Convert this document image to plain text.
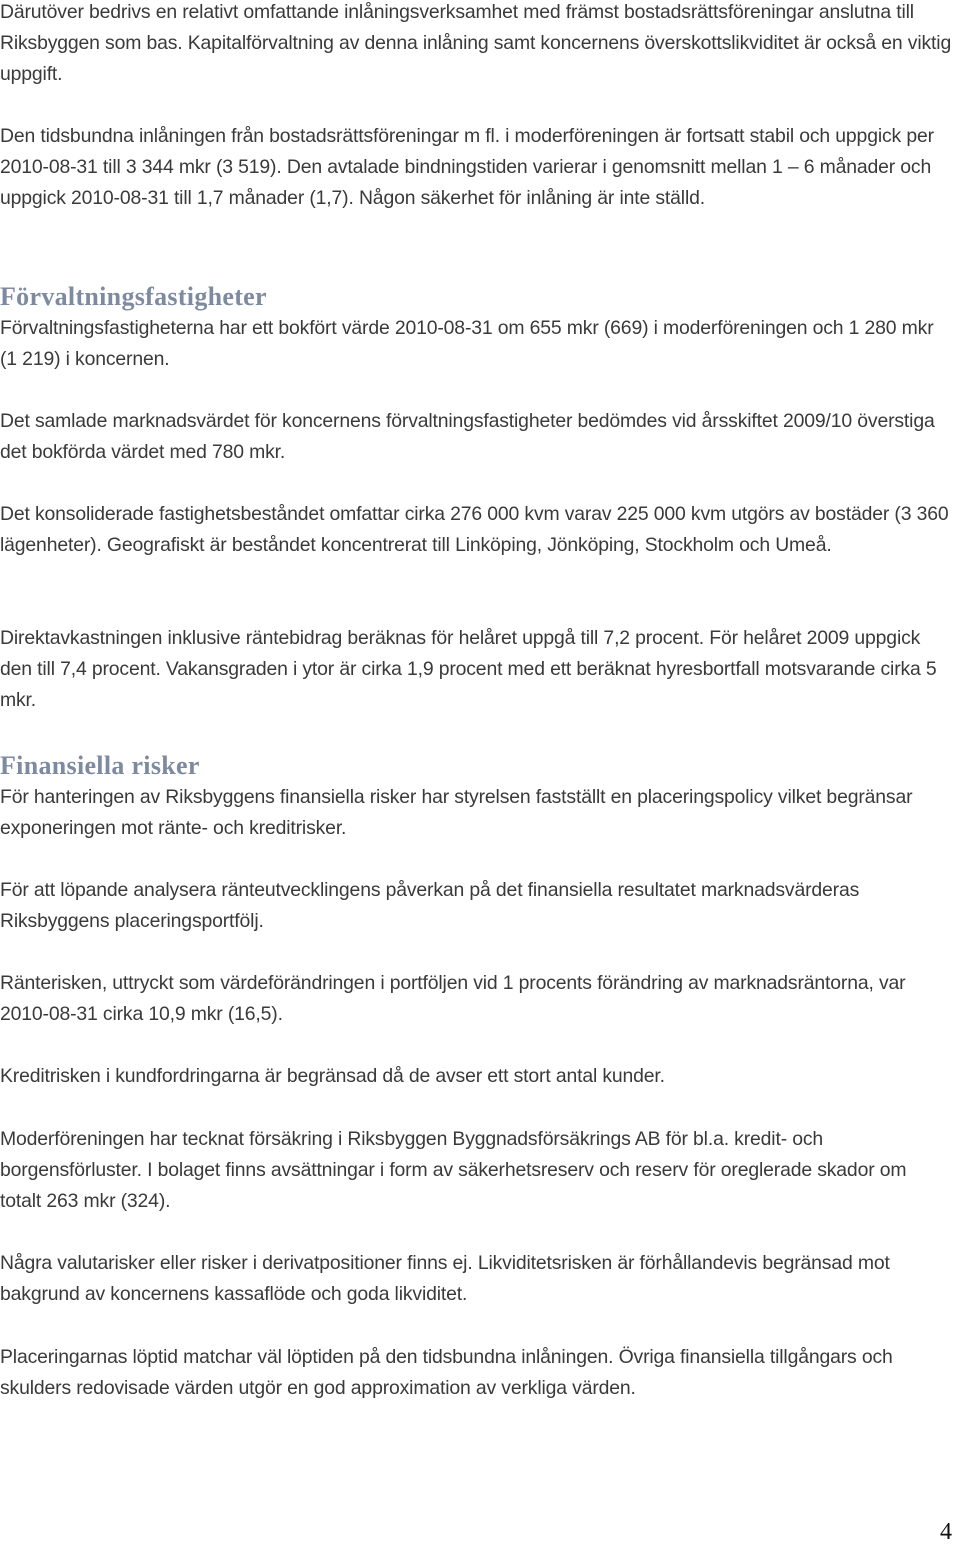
Därutöver bedrivs en relativt omfattande inlåningsverksamhet med främst bostadsrättsföreningar anslutna till Riksbyggen som bas. Kapitalförvaltning av denna inlåning samt koncernens överskottslikviditet är också en viktig uppgift.

Den tidsbundna inlåningen från bostadsrättsföreningar m fl. i moderföreningen är fortsatt stabil och uppgick per 2010-08-31 till 3 344 mkr (3 519). Den avtalade bindningstiden varierar i genomsnitt mellan 1 – 6 månader och uppgick 2010-08-31 till 1,7 månader (1,7). Någon säkerhet för inlåning är inte ställd.

Förvaltningsfastigheter

Förvaltningsfastigheterna har ett bokfört värde 2010-08-31 om 655 mkr (669) i moderföreningen och 1 280 mkr (1 219) i koncernen.

Det samlade marknadsvärdet för koncernens förvaltningsfastigheter bedömdes vid årsskiftet 2009/10 överstiga det bokförda värdet med 780 mkr.

Det konsoliderade fastighetsbeståndet omfattar cirka 276 000 kvm varav 225 000 kvm utgörs av bostäder (3 360 lägenheter). Geografiskt är beståndet koncentrerat till Linköping, Jönköping, Stockholm och Umeå.

Direktavkastningen inklusive räntebidrag beräknas för helåret uppgå till 7,2 procent. För helåret 2009 uppgick den till 7,4 procent. Vakansgraden i ytor är cirka 1,9 procent med ett beräknat hyresbortfall motsvarande cirka 5 mkr.

Finansiella risker

För hanteringen av Riksbyggens finansiella risker har styrelsen fastställt en placeringspolicy vilket begränsar exponeringen mot ränte- och kreditrisker.

För att löpande analysera ränteutvecklingens påverkan på det finansiella resultatet marknadsvärderas Riksbyggens placeringsportfölj.

Ränterisken, uttryckt som värdeförändringen i portföljen vid 1 procents förändring av marknadsräntorna, var 2010-08-31 cirka 10,9 mkr (16,5).

Kreditrisken i kundfordringarna är begränsad då de avser ett stort antal kunder.

Moderföreningen har tecknat försäkring i Riksbyggen Byggnadsförsäkrings AB för bl.a. kredit- och borgensförluster. I bolaget finns avsättningar i form av säkerhetsreserv och reserv för oreglerade skador om totalt 263 mkr (324).

Några valutarisker eller risker i derivatpositioner finns ej. Likviditetsrisken är förhållandevis begränsad mot bakgrund av koncernens kassaflöde och goda likviditet.

Placeringarnas löptid matchar väl löptiden på den tidsbundna inlåningen. Övriga finansiella tillgångars och skulders redovisade värden utgör en god approximation av verkliga värden.

4
